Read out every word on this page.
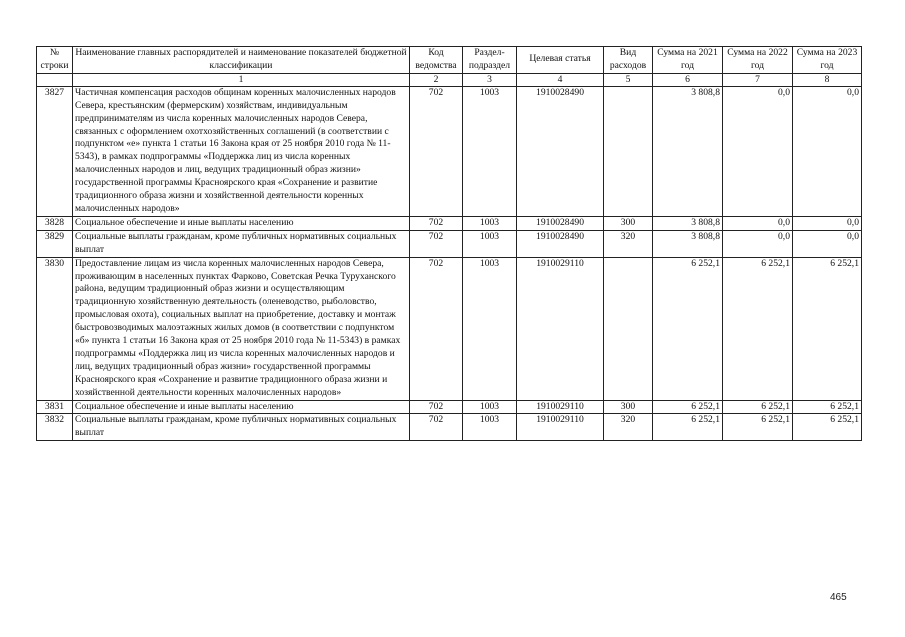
№ строки	Наименование главных распорядителей и наименование показателей бюджетной классификации	Код ведомства	Раздел-подраздел	Целевая статья	Вид расходов	Сумма на 2021 год	Сумма на 2022 год	Сумма на 2023 год
	1	2	3	4	5	6	7	8
3827	Частичная компенсация расходов общинам коренных малочисленных народов Севера, крестьянским (фермерским) хозяйствам, индивидуальным предпринимателям из числа коренных малочисленных народов Севера, связанных с оформлением охотхозяйственных соглашений (в соответствии с подпунктом «е» пункта 1 статьи 16 Закона края от 25 ноября 2010 года № 11-5343), в рамках подпрограммы «Поддержка лиц из числа коренных малочисленных народов и лиц, ведущих традиционный образ жизни» государственной программы Красноярского края «Сохранение и развитие традиционного образа жизни и хозяйственной деятельности коренных малочисленных народов»	702	1003	1910028490		3 808,8	0,0	0,0
3828	Социальное обеспечение и иные выплаты населению	702	1003	1910028490	300	3 808,8	0,0	0,0
3829	Социальные выплаты гражданам, кроме публичных нормативных социальных выплат	702	1003	1910028490	320	3 808,8	0,0	0,0
3830	Предоставление лицам из числа коренных малочисленных народов Севера, проживающим в населенных пунктах Фарково, Советская Речка Туруханского района, ведущим традиционный образ жизни и осуществляющим традиционную хозяйственную деятельность (оленеводство, рыболовство, промысловая охота), социальных выплат на приобретение, доставку и монтаж быстровозводимых малоэтажных жилых домов (в соответствии с подпунктом «б» пункта 1 статьи 16 Закона края от 25 ноября 2010 года № 11-5343) в рамках подпрограммы «Поддержка лиц из числа коренных малочисленных народов и лиц, ведущих традиционный образ жизни» государственной программы Красноярского края «Сохранение и развитие традиционного образа жизни и хозяйственной деятельности коренных малочисленных народов»	702	1003	1910029110		6 252,1	6 252,1	6 252,1
3831	Социальное обеспечение и иные выплаты населению	702	1003	1910029110	300	6 252,1	6 252,1	6 252,1
3832	Социальные выплаты гражданам, кроме публичных нормативных социальных выплат	702	1003	1910029110	320	6 252,1	6 252,1	6 252,1
465
